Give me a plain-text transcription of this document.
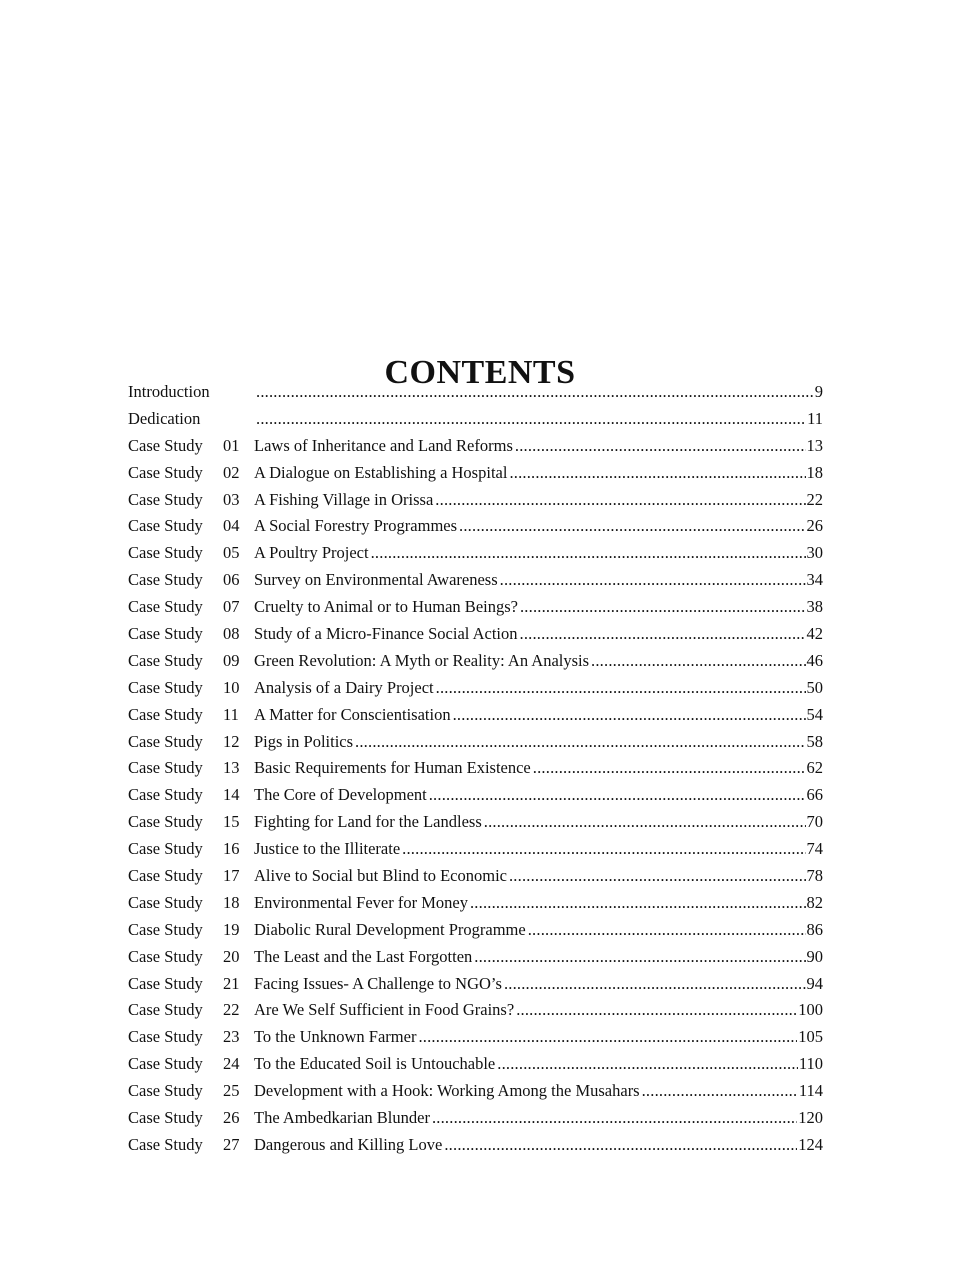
CONTENTS
Introduction .....	9
Dedication .....	11
Case Study	01 Laws of Inheritance and Land Reforms .....	13
Case Study	02 A Dialogue on Establishing a Hospital .....	18
Case Study	03 A Fishing Village in Orissa .....	22
Case Study	04 A Social Forestry Programmes .....	26
Case Study	05 A Poultry Project .....	30
Case Study	06 Survey on Environmental Awareness .....	34
Case Study	07 Cruelty to Animal or to Human Beings? .....	38
Case Study	08 Study of a Micro-Finance Social Action .....	42
Case Study	09 Green Revolution: A Myth or Reality: An Analysis .....	46
Case Study	10 Analysis of a Dairy Project .....	50
Case Study	11 A Matter for Conscientisation .....	54
Case Study	12 Pigs in Politics .....	58
Case Study	13 Basic Requirements for Human Existence .....	62
Case Study	14 The Core of Development .....	66
Case Study	15 Fighting for Land for the Landless .....	70
Case Study	16 Justice to the Illiterate .....	74
Case Study	17 Alive to Social but Blind to Economic .....	78
Case Study	18 Environmental Fever for Money .....	82
Case Study	19 Diabolic Rural Development Programme .....	86
Case Study	20 The Least and the Last Forgotten .....	90
Case Study	21 Facing Issues- A Challenge to NGO’s .....	94
Case Study	22 Are We Self Sufficient in Food Grains? .....	100
Case Study	23 To the Unknown Farmer .....	105
Case Study	24 To the Educated Soil is Untouchable .....	110
Case Study	25 Development with a Hook: Working Among the Musahars .....	114
Case Study	26 The Ambedkarian Blunder .....	120
Case Study	27 Dangerous and Killing Love .....	124
